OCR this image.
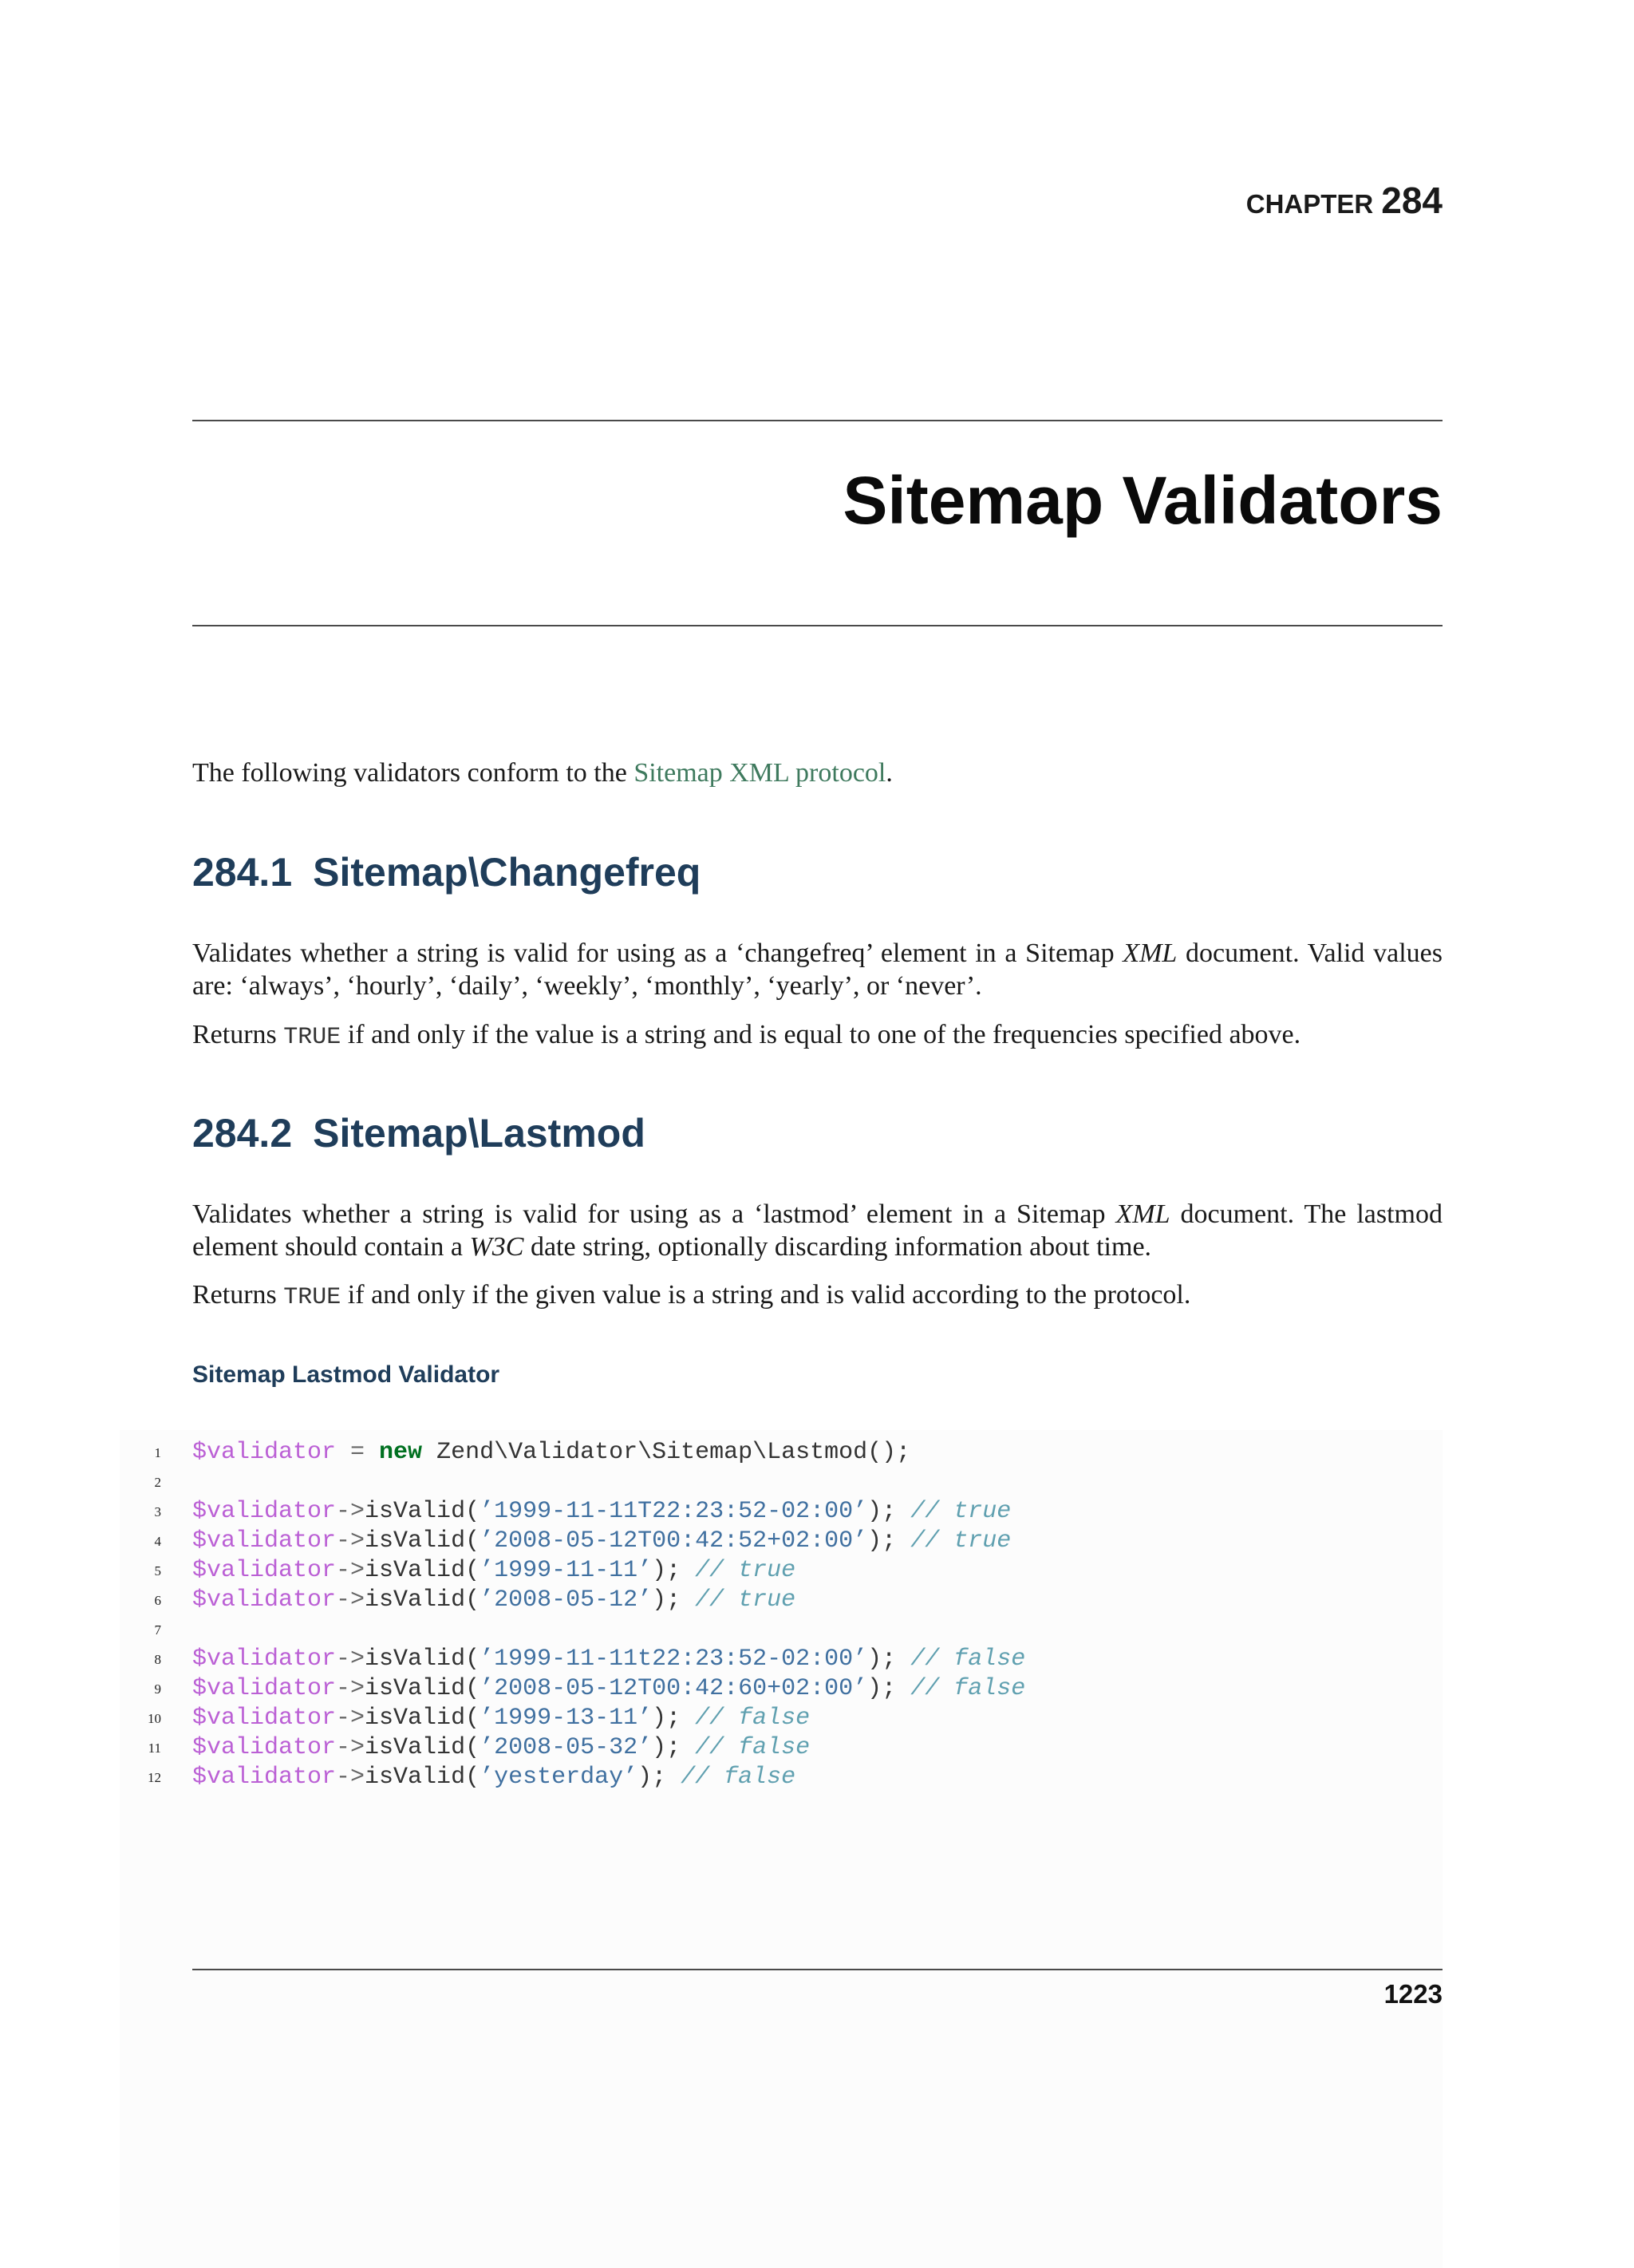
CHAPTER 284
Sitemap Validators
The following validators conform to the Sitemap XML protocol.
284.1 Sitemap\Changefreq
Validates whether a string is valid for using as a ‘changefreq’ element in a Sitemap XML document. Valid values are: ‘always’, ‘hourly’, ‘daily’, ‘weekly’, ‘monthly’, ‘yearly’, or ‘never’.
Returns TRUE if and only if the value is a string and is equal to one of the frequencies specified above.
284.2 Sitemap\Lastmod
Validates whether a string is valid for using as a ‘lastmod’ element in a Sitemap XML document. The lastmod element should contain a W3C date string, optionally discarding information about time.
Returns TRUE if and only if the given value is a string and is valid according to the protocol.
Sitemap Lastmod Validator
1 $validator = new Zend\Validator\Sitemap\Lastmod();
2
3 $validator->isValid(’1999-11-11T22:23:52-02:00’); // true
4 $validator->isValid(’2008-05-12T00:42:52+02:00’); // true
5 $validator->isValid(’1999-11-11’); // true
6 $validator->isValid(’2008-05-12’); // true
7
8 $validator->isValid(’1999-11-11t22:23:52-02:00’); // false
9 $validator->isValid(’2008-05-12T00:42:60+02:00’); // false
10 $validator->isValid(’1999-13-11’); // false
11 $validator->isValid(’2008-05-32’); // false
12 $validator->isValid(’yesterday’); // false
1223
